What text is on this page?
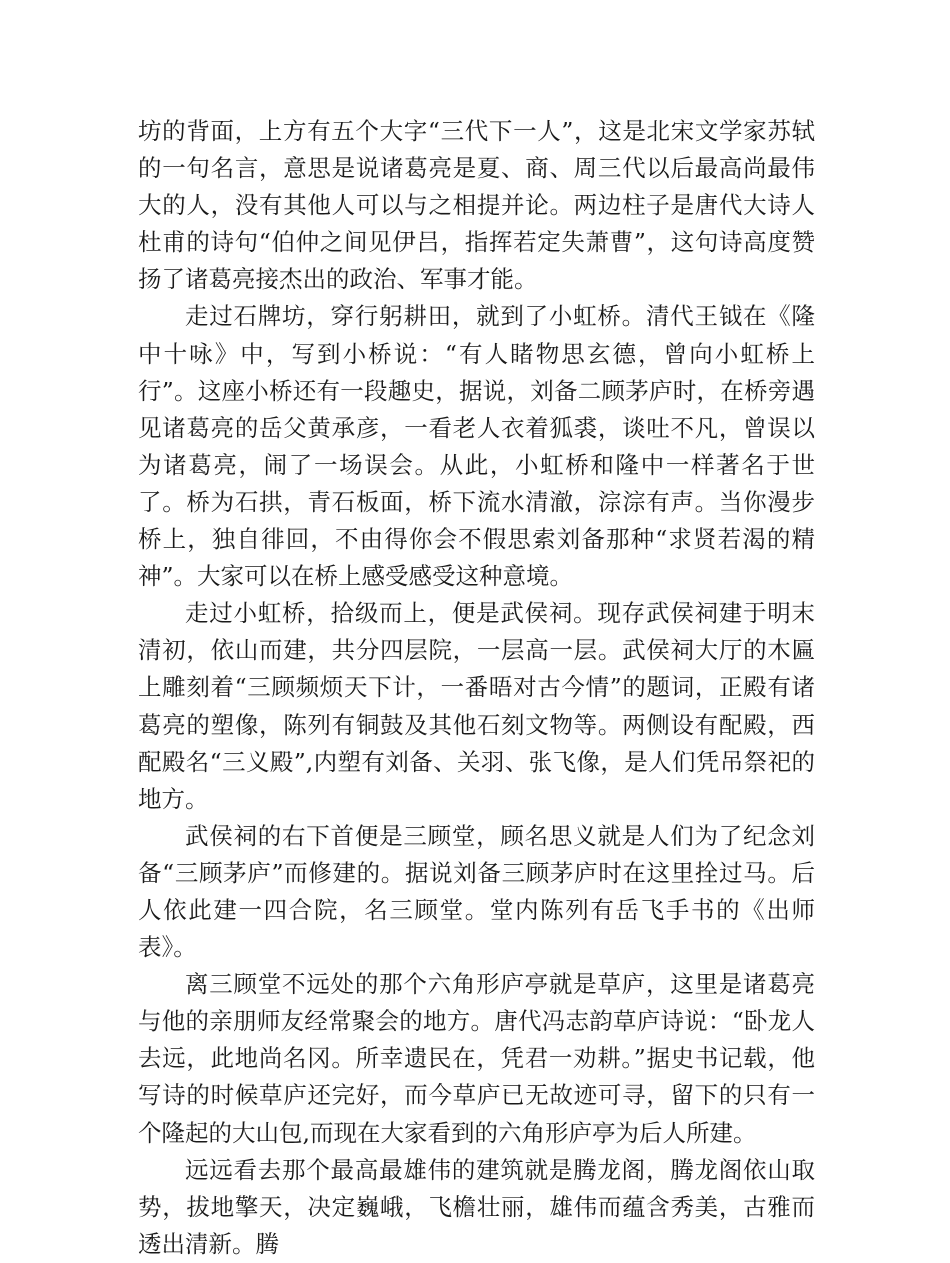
坊的背面，上方有五个大字“三代下一人”，这是北宋文学家苏轼的一句名言，意思是说诸葛亮是夏、商、周三代以后最高尚最伟大的人，没有其他人可以与之相提并论。两边柱子是唐代大诗人杜甫的诗句“伯仲之间见伊吕，指挥若定失萧曹”，这句诗高度赞扬了诸葛亮接杰出的政治、军事才能。

走过石牌坊，穿行躬耕田，就到了小虹桥。清代王钺在《隆中十咏》中，写到小桥说：“有人睹物思玄德，曾向小虹桥上行”。这座小桥还有一段趣史，据说，刘备二顾茅庐时，在桥旁遇见诸葛亮的岳父黄承彦，一看老人衣着狐裘，谈吐不凡，曾误以为诸葛亮，闹了一场误会。从此，小虹桥和隆中一样著名于世了。桥为石拱，青石板面，桥下流水清澈，淙淙有声。当你漫步桥上，独自徘回，不由得你会不假思索刘备那种“求贤若渴的精神”。大家可以在桥上感受感受这种意境。

走过小虹桥，拾级而上，便是武侯祠。现存武侯祠建于明末清初，依山而建，共分四层院，一层高一层。武侯祠大厅的木匾上雕刻着“三顾频烦天下计，一番晤对古今情”的题词，正殿有诸葛亮的塑像，陈列有铜鼓及其他石刻文物等。两侧设有配殿，西配殿名“三义殿”,内塑有刘备、关羽、张飞像，是人们凭吊祭祀的地方。

武侯祠的右下首便是三顾堂，顾名思义就是人们为了纪念刘备“三顾茅庐”而修建的。据说刘备三顾茅庐时在这里拴过马。后人依此建一四合院，名三顾堂。堂内陈列有岳飞手书的《出师表》。

离三顾堂不远处的那个六角形庐亭就是草庐，这里是诸葛亮与他的亲朋师友经常聚会的地方。唐代冯志韵草庐诗说：“卧龙人去远，此地尚名冈。所幸遗民在，凭君一劝耕。”据史书记载，他写诗的时候草庐还完好，而今草庐已无故迹可寻，留下的只有一个隆起的大山包,而现在大家看到的六角形庐亭为后人所建。

远远看去那个最高最雄伟的建筑就是腾龙阁，腾龙阁依山取势，拔地擎天，决定巍峨，飞檐壮丽，雄伟而蕴含秀美，古雅而透出清新。腾
